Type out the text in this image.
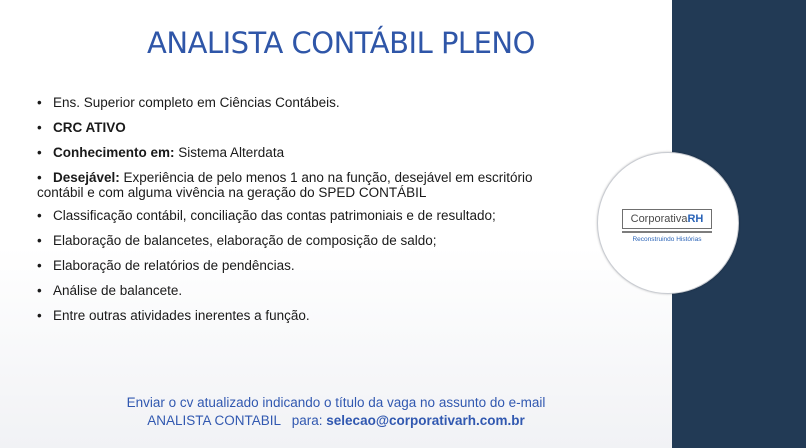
ANALISTA CONTÁBIL PLENO
• Ens. Superior completo em Ciências Contábeis.
• CRC ATIVO
• Conhecimento em: Sistema Alterdata
• Desejável: Experiência de pelo menos 1 ano na função, desejável em escritório
contábil e com alguma vivência na geração do SPED CONTÁBIL
• Classificação contábil, conciliação das contas patrimoniais e de resultado;
• Elaboração de balancetes, elaboração de composição de saldo;
• Elaboração de relatórios de pendências.
• Análise de balancete.
• Entre outras atividades inerentes a função.
CorporativaRH
Reconstruindo Histórias
Enviar o cv atualizado indicando o título da vaga no assunto do e-mail
ANALISTA CONTABIL   para: selecao@corporativarh.com.br
